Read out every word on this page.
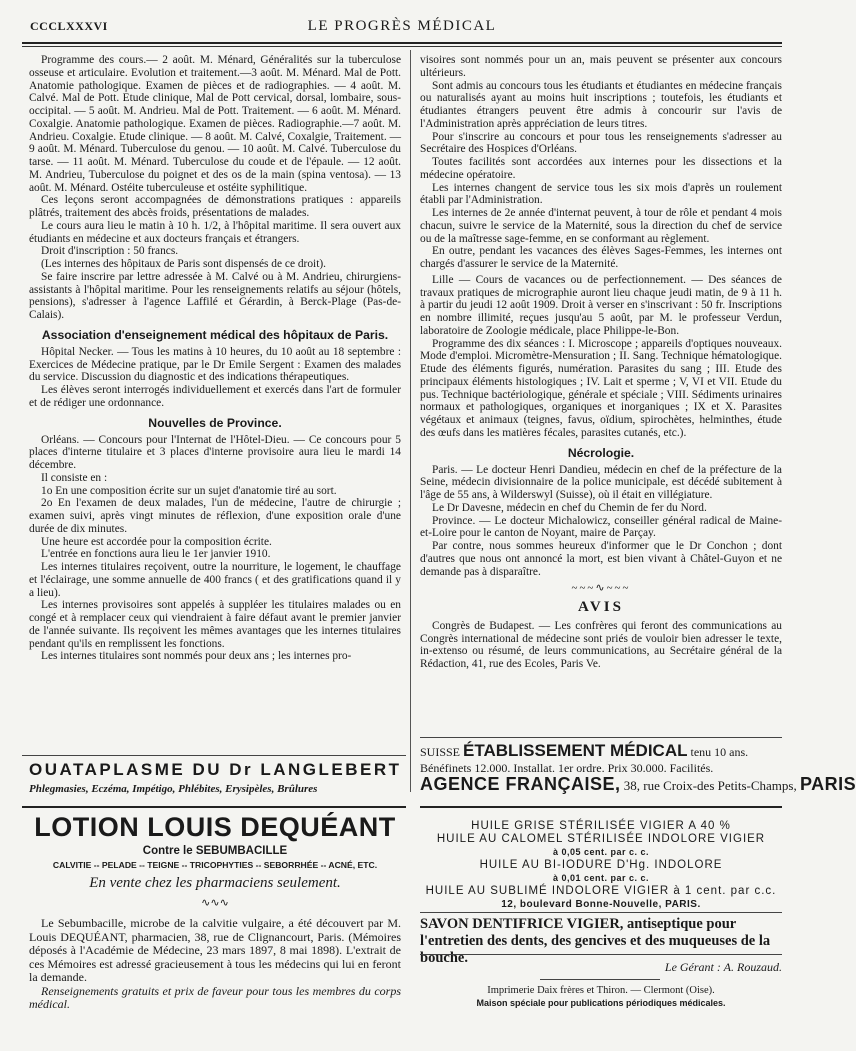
CCCLXXXVI	LE PROGRÈS MÉDICAL

Programme des cours.— 2 août. M. Ménard, Généralités sur la tuberculose osseuse et articulaire. Evolution et traitement.—3 août. M. Ménard. Mal de Pott. Anatomie pathologique. Examen de pièces et de radiographies. — 4 août. M. Calvé. Mal de Pott. Etude clinique, Mal de Pott cervical, dorsal, lombaire, sous-occipital. — 5 août. M. Andrieu. Mal de Pott. Traitement. — 6 août. M. Ménard. Coxalgie. Anatomie pathologique. Examen de pièces. Radiographie.—7 août. M. Andrieu. Coxalgie. Etude clinique. — 8 août. M. Calvé, Coxalgie, Traitement. — 9 août. M. Ménard. Tuberculose du genou. — 10 août. M. Calvé. Tuberculose du tarse. — 11 août. M. Ménard. Tuberculose du coude et de l'épaule. — 12 août. M. Andrieu, Tuberculose du poignet et des os de la main (spina ventosa). — 13 août. M. Ménard. Ostéite tuberculeuse et ostéite syphilitique.

Ces leçons seront accompagnées de démonstrations pratiques : appareils plâtrés, traitement des abcès froids, présentations de malades.

Le cours aura lieu le matin à 10 h. 1/2, à l'hôpital maritime. Il sera ouvert aux étudiants en médecine et aux docteurs français et étrangers.

Droit d'inscription : 50 francs.

(Les internes des hôpitaux de Paris sont dispensés de ce droit).

Se faire inscrire par lettre adressée à M. Calvé ou à M. Andrieu, chirurgiens-assistants à l'hôpital maritime. Pour les renseignements relatifs au séjour (hôtels, pensions), s'adresser à l'agence Laffilé et Gérardin, à Berck-Plage (Pas-de-Calais).

Association d'enseignement médical des hôpitaux de Paris.

Hôpital Necker. — Tous les matins à 10 heures, du 10 août au 18 septembre : Exercices de Médecine pratique, par le Dr Emile Sergent : Examen des malades du service. Discussion du diagnostic et des indications thérapeutiques.

Les élèves seront interrogés individuellement et exercés dans l'art de formuler et de rédiger une ordonnance.

Nouvelles de Province.

Orléans. — Concours pour l'Internat de l'Hôtel-Dieu. — Ce concours pour 5 places d'interne titulaire et 3 places d'interne provisoire aura lieu le mardi 14 décembre.

Il consiste en :

1o En une composition écrite sur un sujet d'anatomie tiré au sort.

2o En l'examen de deux malades, l'un de médecine, l'autre de chirurgie ; examen suivi, après vingt minutes de réflexion, d'une exposition orale d'une durée de dix minutes.

Une heure est accordée pour la composition écrite.

L'entrée en fonctions aura lieu le 1er janvier 1910.

Les internes titulaires reçoivent, outre la nourriture, le logement, le chauffage et l'éclairage, une somme annuelle de 400 francs ( et des gratifications quand il y a lieu).

Les internes provisoires sont appelés à suppléer les titulaires malades ou en congé et à remplacer ceux qui viendraient à faire défaut avant le premier janvier de l'année suivante. Ils reçoivent les mêmes avantages que les internes titulaires pendant qu'ils en remplissent les fonctions.

Les internes titulaires sont nommés pour deux ans ; les internes pro-

visoires sont nommés pour un an, mais peuvent se présenter aux concours ultérieurs.

Sont admis au concours tous les étudiants et étudiantes en médecine français ou naturalisés ayant au moins huit inscriptions ; toutefois, les étudiants et étudiantes étrangers peuvent être admis à concourir sur l'avis de l'Administration après appréciation de leurs titres.

Pour s'inscrire au concours et pour tous les renseignements s'adresser au Secrétaire des Hospices d'Orléans.

Toutes facilités sont accordées aux internes pour les dissections et la médecine opératoire.

Les internes changent de service tous les six mois d'après un roulement établi par l'Administration.

Les internes de 2e année d'internat peuvent, à tour de rôle et pendant 4 mois chacun, suivre le service de la Maternité, sous la direction du chef de service ou de la maîtresse sage-femme, en se conformant au règlement.

En outre, pendant les vacances des élèves Sages-Femmes, les internes ont chargés d'assurer le service de la Maternité.

Lille — Cours de vacances ou de perfectionnement. — Des séances de travaux pratiques de micrographie auront lieu chaque jeudi matin, de 9 à 11 h. à partir du jeudi 12 août 1909. Droit à verser en s'inscrivant : 50 fr. Inscriptions en nombre illimité, reçues jusqu'au 5 août, par M. le professeur Verdun, laboratoire de Zoologie médicale, place Philippe-le-Bon.

Programme des dix séances : I. Microscope ; appareils d'optiques nouveaux. Mode d'emploi. Micromètre-Mensuration ; II. Sang. Technique hématologique. Etude des éléments figurés, numération. Parasites du sang ; III. Etude des principaux éléments histologiques ; IV. Lait et sperme ; V, VI et VII. Etude du pus. Technique bactériologique, générale et spéciale ; VIII. Sédiments urinaires normaux et pathologiques, organiques et inorganiques ; IX et X. Parasites végétaux et animaux (teignes, favus, oïdium, spirochètes, helminthes, étude des œufs dans les matières fécales, parasites cutanés, etc.).

Nécrologie.

Paris. — Le docteur Henri Dandieu, médecin en chef de la préfecture de la Seine, médecin divisionnaire de la police municipale, est décédé subitement à l'âge de 55 ans, à Wilderswyl (Suisse), où il était en villégiature.

Le Dr Davesne, médecin en chef du Chemin de fer du Nord.

Province. — Le docteur Michalowicz, conseiller général radical de Maine-et-Loire pour le canton de Noyant, maire de Parçay.

Par contre, nous sommes heureux d'informer que le Dr Conchon ; dont d'autres que nous ont annoncé la mort, est bien vivant à Châtel-Guyon et ne demande pas à disparaître.

~~~∿~~~
AVIS

Congrès de Budapest. — Les confrères qui feront des communications au Congrès international de médecine sont priés de vouloir bien adresser le texte, in-extenso ou résumé, de leurs communications, au Secrétaire général de la Rédaction, 41, rue des Ecoles, Paris Ve.

OUATAPLASME DU Dr LANGLEBERT
Phlegmasies, Eczéma, Impétigo, Phlébites, Erysipèles, Brûlures
LOTION LOUIS DEQUÉANT
Contre le SEBUMBACILLE
CALVITIE -- PELADE -- TEIGNE -- TRICOPHYTIES -- SEBORRHÉE -- ACNÉ, ETC.
En vente chez les pharmaciens seulement.
∿∿∿

Le Sebumbacille, microbe de la calvitie vulgaire, a été découvert par M. Louis DEQUÉANT, pharmacien, 38, rue de Clignancourt, Paris. (Mémoires déposés à l'Académie de Médecine, 23 mars 1897, 8 mai 1898). L'extrait de ces Mémoires est adressé gracieusement à tous les médecins qui lui en feront la demande.

Renseignements gratuits et prix de faveur pour tous les membres du corps médical.

SUISSE ÉTABLISSEMENT MÉDICAL tenu 10 ans. Bénéfinets 12.000. Installat. 1er ordre. Prix 30.000. Facilités.
AGENCE FRANÇAISE, 38, rue Croix-des Petits-Champs, PARIS
HUILE GRISE STÉRILISÉE VIGIER A 40 %
HUILE AU CALOMEL STÉRILISÉE INDOLORE VIGIER
à 0,05 cent. par c. c.
HUILE AU BI-IODURE D'Hg. INDOLORE
à 0,01 cent. par c. c.
HUILE AU SUBLIMÉ INDOLORE VIGIER à 1 cent. par c.c.
12, boulevard Bonne-Nouvelle, PARIS.
SAVON DENTIFRICE VIGIER, antiseptique pour l'entretien des dents, des gencives et des muqueuses de la bouche.
Le Gérant : A. Rouzaud.
Imprimerie Daix frères et Thiron. — Clermont (Oise).
Maison spéciale pour publications périodiques médicales.
